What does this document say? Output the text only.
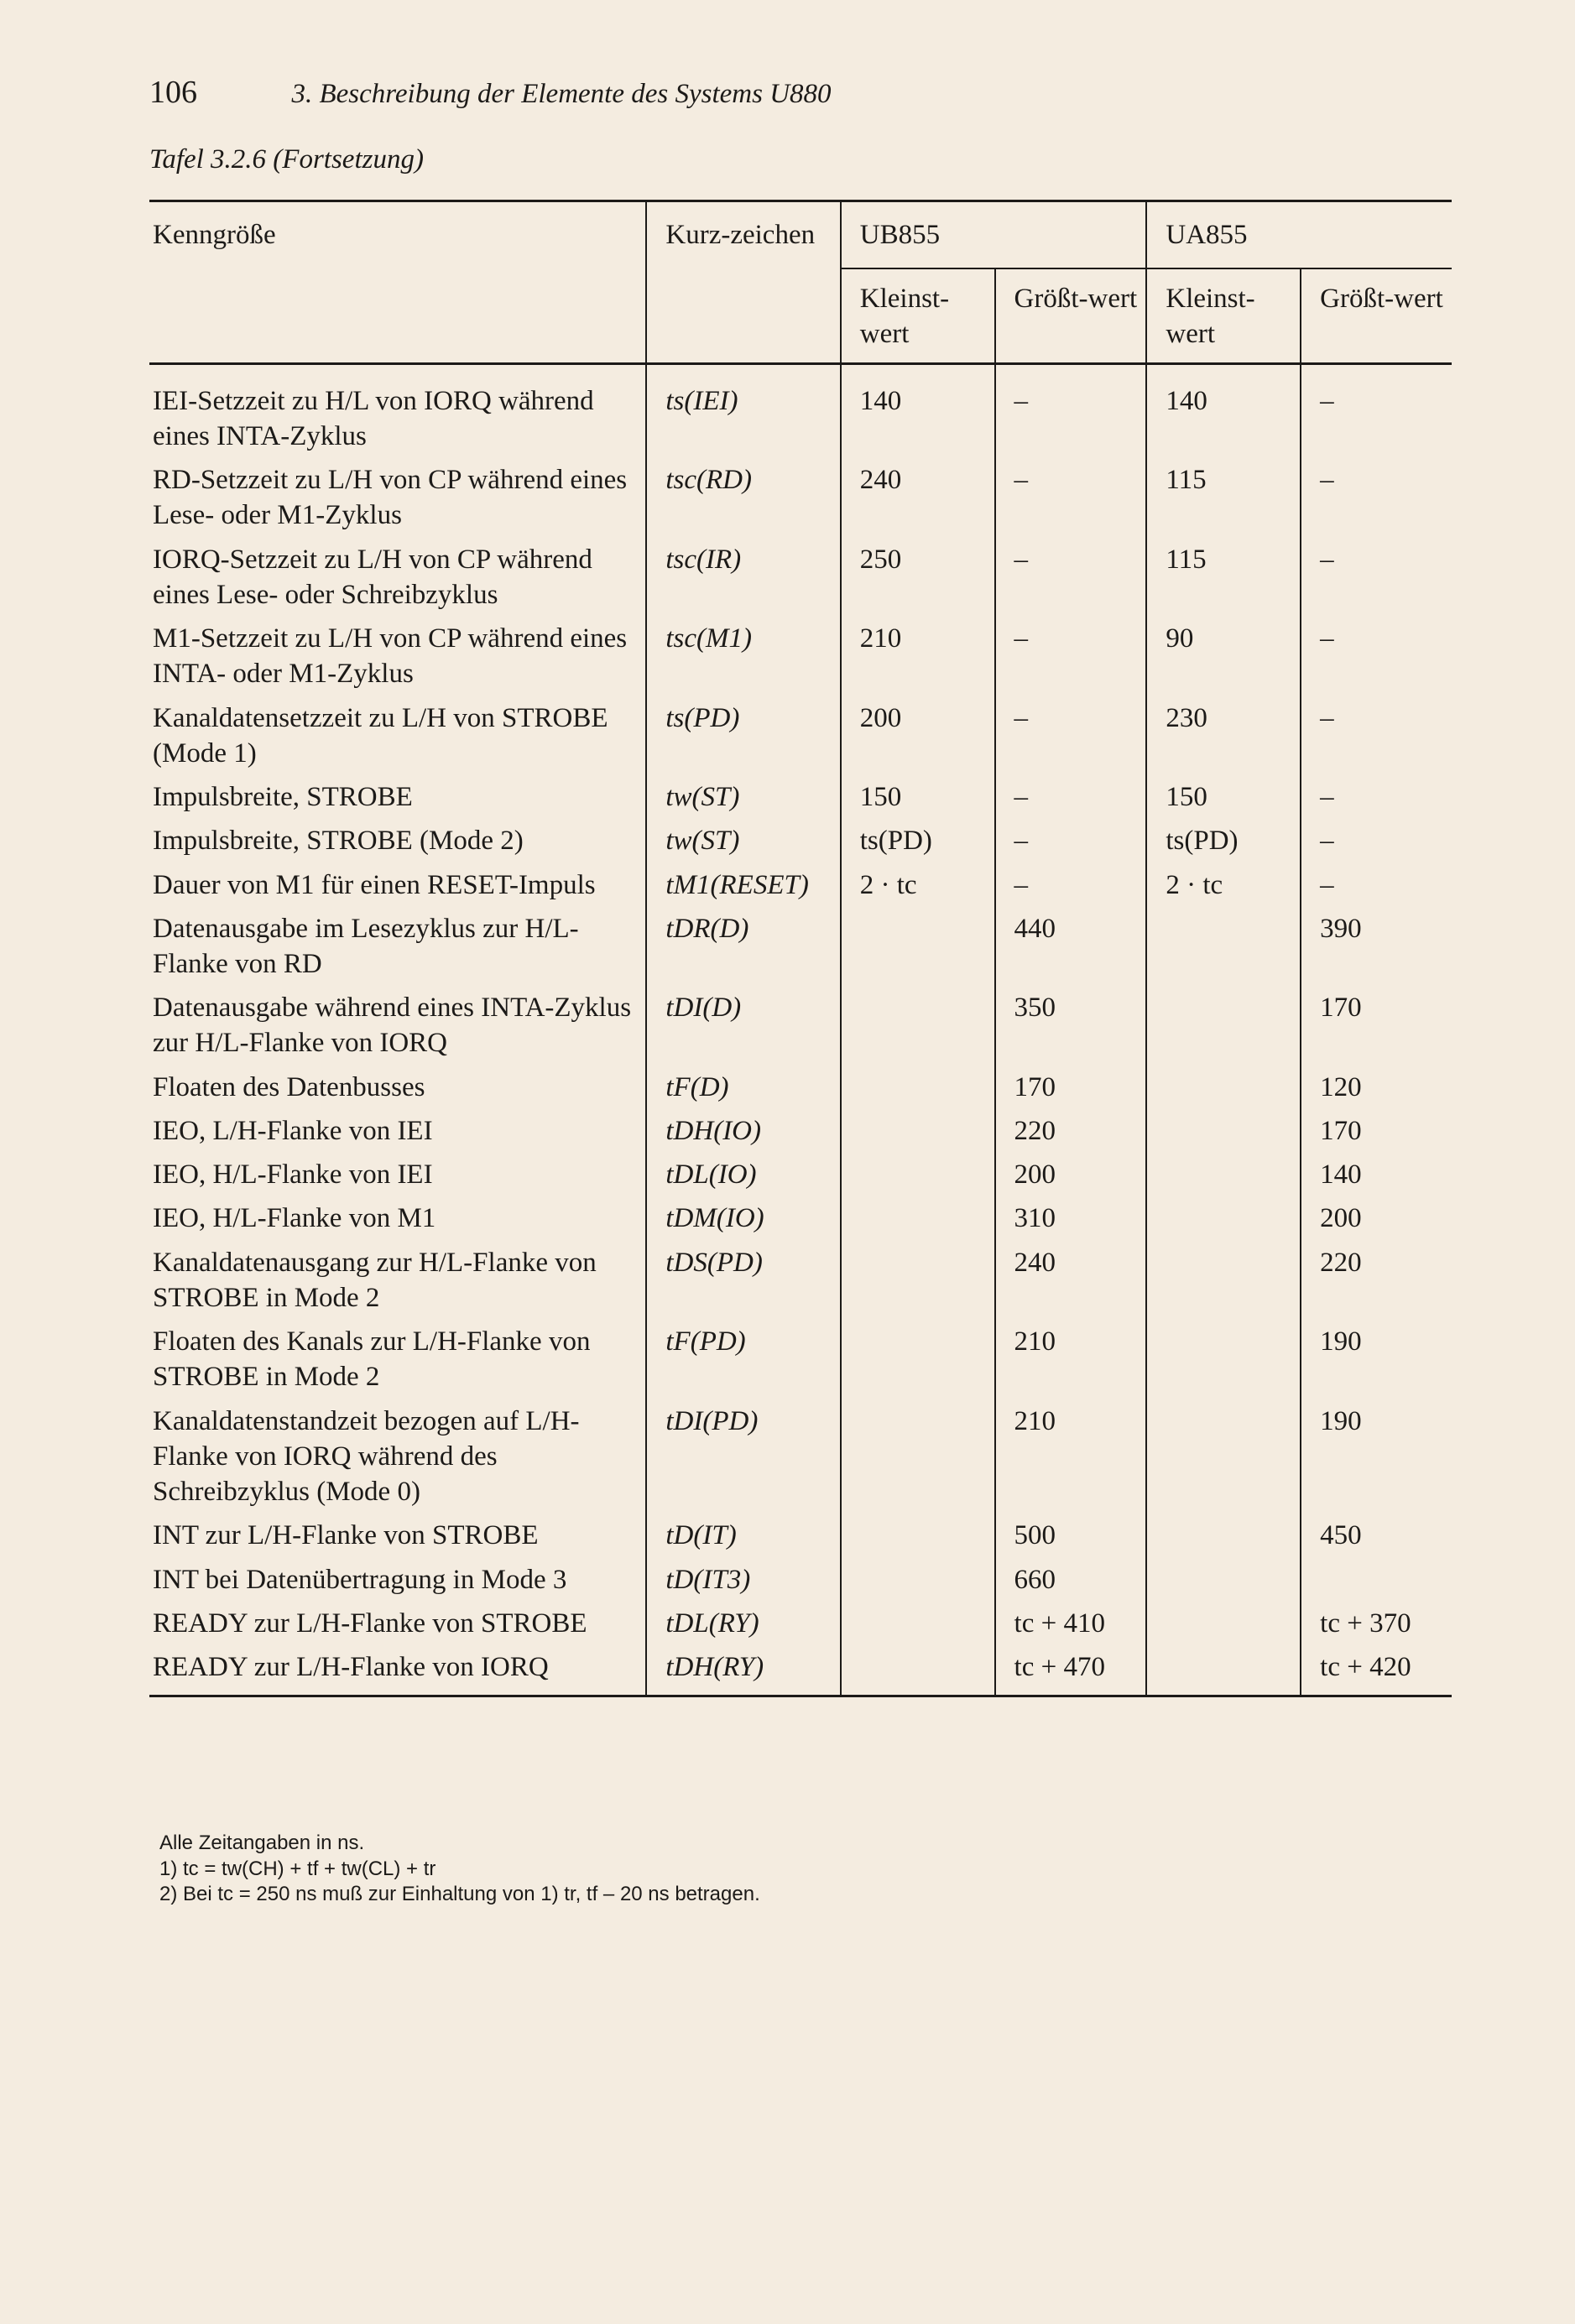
106	3. Beschreibung der Elemente des Systems U880
Tafel 3.2.6 (Fortsetzung)
Kenngröße	Kurz-zeichen	UB855		UA855	
		Kleinst-wert	Größt-wert	Kleinst-wert	Größt-wert
IEI-Setzzeit zu H/L von IORQ während eines INTA-Zyklus	ts(IEI)	140	–	140	–
RD-Setzzeit zu L/H von CP während eines Lese- oder M1-Zyklus	tsc(RD)	240	–	115	–
IORQ-Setzzeit zu L/H von CP während eines Lese- oder Schreibzyklus	tsc(IR)	250	–	115	–
M1-Setzzeit zu L/H von CP während eines INTA- oder M1-Zyklus	tsc(M1)	210	–	90	–
Kanaldatensetzzeit zu L/H von STROBE (Mode 1)	ts(PD)	200	–	230	–
Impulsbreite, STROBE	tw(ST)	150	–	150	–
Impulsbreite, STROBE (Mode 2)	tw(ST)	ts(PD)	–	ts(PD)	–
Dauer von M1 für einen RESET-Impuls	tM1(RESET)	2 · tc	–	2 · tc	–
Datenausgabe im Lesezyklus zur H/L-Flanke von RD	tDR(D)		440		390
Datenausgabe während eines INTA-Zyklus zur H/L-Flanke von IORQ	tDI(D)		350		170
Floaten des Datenbusses	tF(D)		170		120
IEO, L/H-Flanke von IEI	tDH(IO)		220		170
IEO, H/L-Flanke von IEI	tDL(IO)		200		140
IEO, H/L-Flanke von M1	tDM(IO)		310		200
Kanaldatenausgang zur H/L-Flanke von STROBE in Mode 2	tDS(PD)		240		220
Floaten des Kanals zur L/H-Flanke von STROBE in Mode 2	tF(PD)		210		190
Kanaldatenstandzeit bezogen auf L/H-Flanke von IORQ während des Schreibzyklus (Mode 0)	tDI(PD)		210		190
INT zur L/H-Flanke von STROBE	tD(IT)		500		450
INT bei Datenübertragung in Mode 3	tD(IT3)		660		
READY zur L/H-Flanke von STROBE	tDL(RY)		tc + 410		tc + 370
READY zur L/H-Flanke von IORQ	tDH(RY)		tc + 470		tc + 420
Alle Zeitangaben in ns.
1) tc = tw(CH) + tf + tw(CL) + tr
2) Bei tc = 250 ns muß zur Einhaltung von 1) tr, tf – 20 ns betragen.
